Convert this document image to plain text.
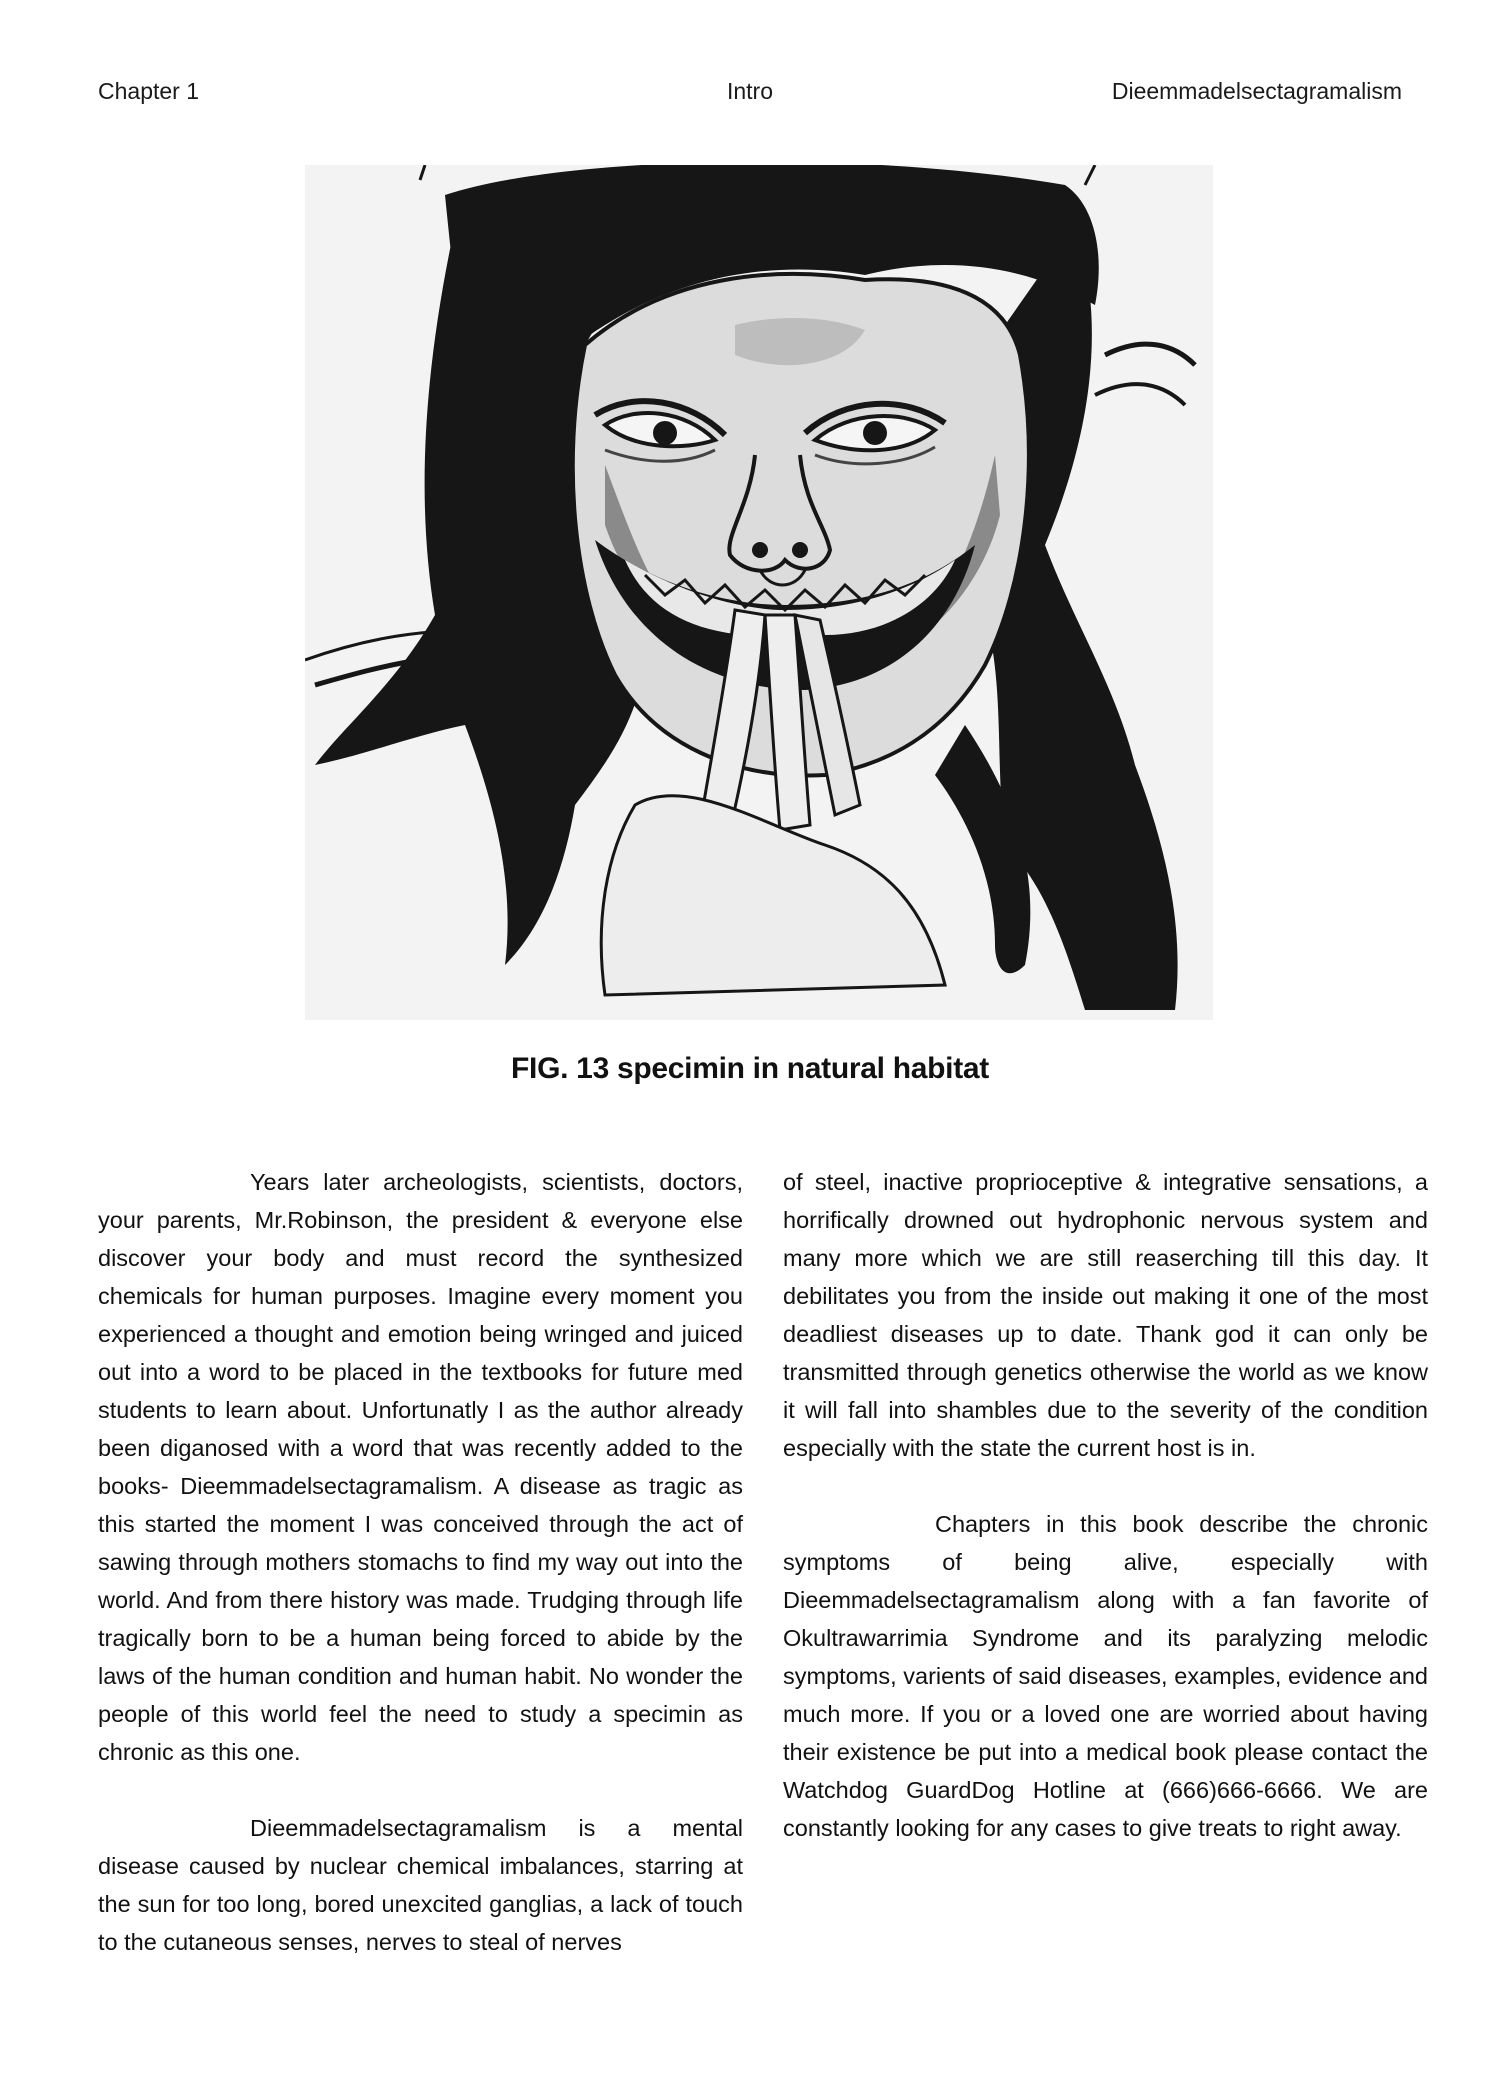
Chapter 1	Intro	Dieemmadelsectagramalism
FIG. 13 specimin in natural habitat

Years later archeologists, scientists, doctors, your parents, Mr.Robinson, the president & everyone else discover your body and must record the synthesized chemicals for human purposes. Imagine every moment you experienced a thought and emotion being wringed and juiced out into a word to be placed in the textbooks for future med students to learn about. Unfortunatly I as the author already been diganosed with a word that was recently added to the books- Dieemmadelsectagramalism. A disease as tragic as this started the moment I was conceived through the act of sawing through mothers stomachs to find my way out into the world. And from there history was made. Trudging through life tragically born to be a human being forced to abide by the laws of the human condition and human habit. No wonder the people of this world feel the need to study a specimin as chronic as this one.

Dieemmadelsectagramalism is a mental disease caused by nuclear chemical imbalances, starring at the sun for too long, bored unexcited ganglias, a lack of touch to the cutaneous senses, nerves to steal of nerves

of steel, inactive proprioceptive & integrative sensations, a horrifically drowned out hydrophonic nervous system and many more which we are still reaserching till this day. It debilitates you from the inside out making it one of the most deadliest diseases up to date. Thank god it can only be transmitted through genetics otherwise the world as we know it will fall into shambles due to the severity of the condition especially with the state the current host is in.

Chapters in this book describe the chronic symptoms of being alive, especially with Dieemmadelsectagramalism along with a fan favorite of Okultrawarrimia Syndrome and its paralyzing melodic symptoms, varients of said diseases, examples, evidence and much more. If you or a loved one are worried about having their existence be put into a medical book please contact the Watchdog GuardDog Hotline at (666)666-6666. We are constantly looking for any cases to give treats to right away.
